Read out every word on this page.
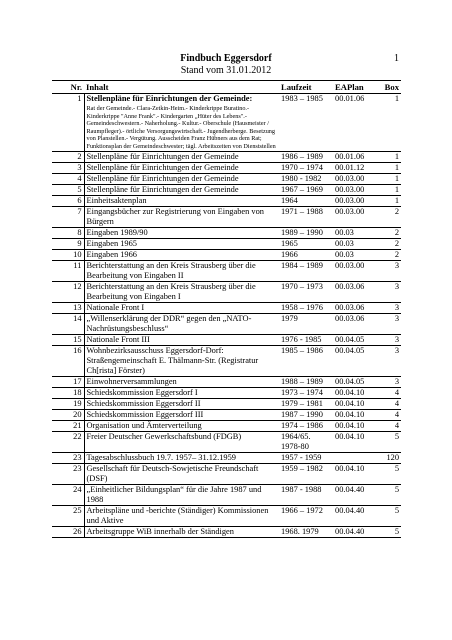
Findbuch Eggersdorf
Stand vom 31.01.2012
1
Nr.	Inhalt	Laufzeit	EAPlan	Box
1	Stellenpläne für Einrichtungen der Gemeinde:
Rat der Gemeinde.- Clara-Zetkin-Heim.- Kinderkrippe Buratino.- Kinderkrippe "Anne Frank".- Kindergarten „Hüter des Lebens".- Gemeindeschwestern.- Naherholung.- Kultur.- Oberschule (Hausmeister / Raumpfleger).- örtliche Versorgungswirtschaft.- Jugendherberge. Besetzung von Planstellen.- Vergütung. Ausscheiden Franz Hübners aus dem Rat; Funktionsplan der Gemeindeschwester; tägl. Arbeitszeiten von Dienststellen	1983 – 1985	00.01.06	1
2	Stellenpläne für Einrichtungen der Gemeinde	1986 – 1989	00.01.06	1
3	Stellenpläne für Einrichtungen der Gemeinde	1970 – 1974	00.01.12	1
4	Stellenpläne für Einrichtungen der Gemeinde	1980 - 1982	00.03.00	1
5	Stellenpläne für Einrichtungen der Gemeinde	1967 – 1969	00.03.00	1
6	Einheitsaktenplan	1964	00.03.00	1
7	Eingangsbücher zur Registrierung von Eingaben von Bürgern	1971 – 1988	00.03.00	2
8	Eingaben 1989/90	1989 – 1990	00.03	2
9	Eingaben 1965	1965	00.03	2
10	Eingaben 1966	1966	00.03	2
11	Berichterstattung an den Kreis Strausberg über die Bearbeitung von Eingaben II	1984 – 1989	00.03.00	3
12	Berichterstattung an den Kreis Strausberg über die Bearbeitung von Eingaben I	1970 – 1973	00.03.06	3
13	Nationale Front I	1958 – 1976	00.03.06	3
14	„Willenserklärung der DDR“ gegen den „NATO-Nachrüstungsbeschluss“	1979	00.03.06	3
15	Nationale Front III	1976 - 1985	00.04.05	3
16	Wohnbezirksausschuss Eggersdorf-Dorf: Straßengemeinschaft E. Thälmann-Str. (Registratur Ch[rista] Förster)	1985 – 1986	00.04.05	3
17	Einwohnerversammlungen	1988 – 1989	00.04.05	3
18	Schiedskommission Eggersdorf I	1973 – 1974	00.04.10	4
19	Schiedskommission Eggersdorf II	1979 – 1981	00.04.10	4
20	Schiedskommission Eggersdorf III	1987 – 1990	00.04.10	4
21	Organisation und Ämterverteilung	1974 – 1986	00.04.10	4
22	Freier Deutscher Gewerkschaftsbund (FDGB)	1964/65. 1978-80	00.04.10	5
23	Tagesabschlussbuch 19.7. 1957– 31.12.1959	1957 - 1959		120
23	Gesellschaft für Deutsch-Sowjetische Freundschaft (DSF)	1959 – 1982	00.04.10	5
24	„Einheitlicher Bildungsplan“ für die Jahre 1987 und 1988	1987 - 1988	00.04.40	5
25	Arbeitspläne und -berichte (Ständiger) Kommissionen und Aktive	1966 – 1972	00.04.40	5
26	Arbeitsgruppe WiB innerhalb der Ständigen	1968. 1979	00.04.40	5
